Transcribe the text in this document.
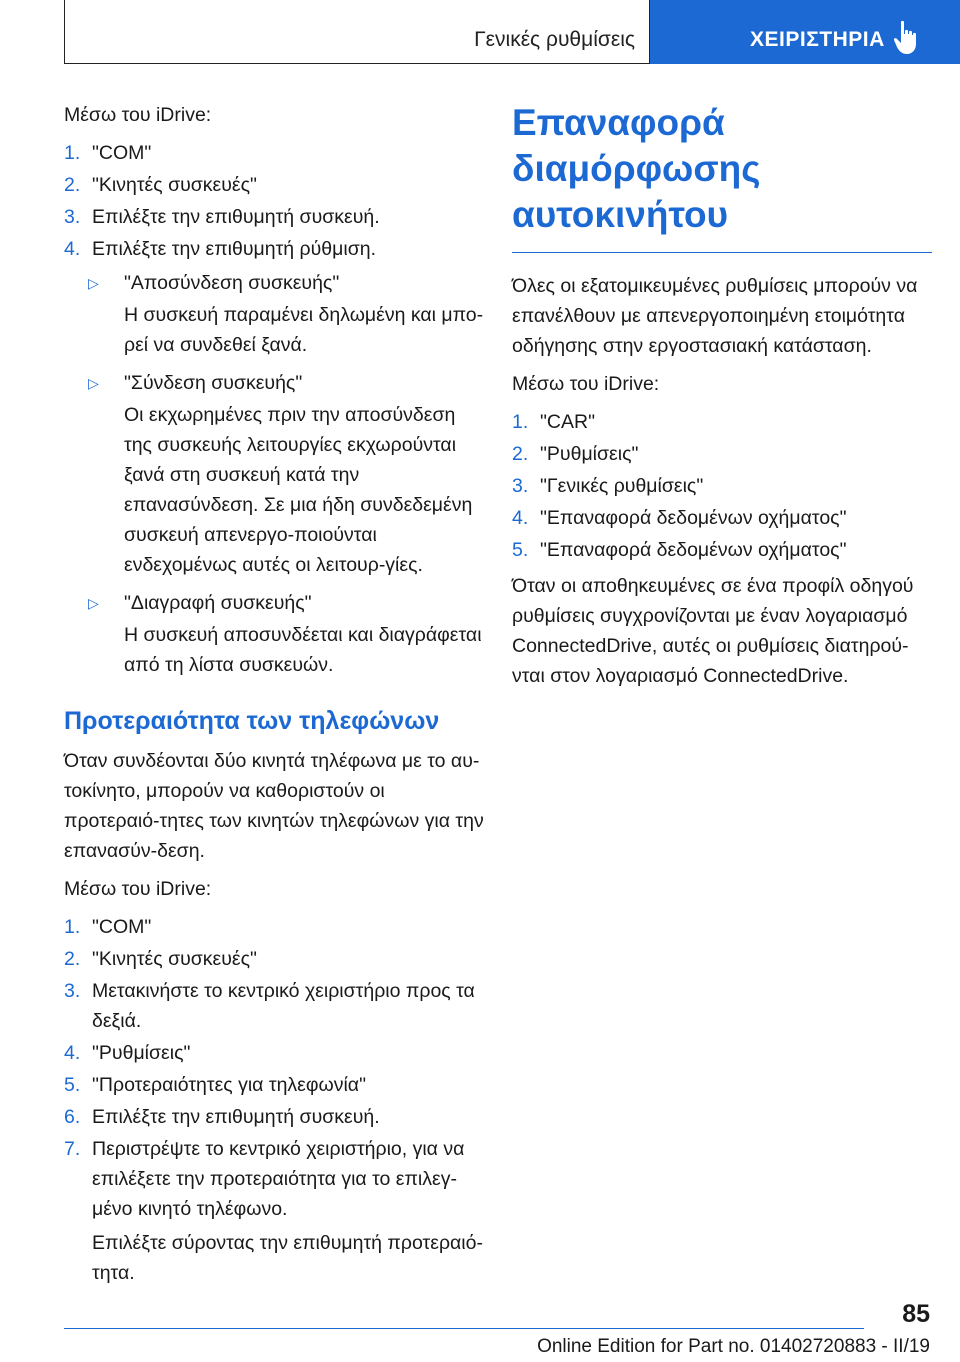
Γενικές ρυθμίσεις	ΧΕΙΡΙΣΤΗΡΙΑ

Μέσω του iDrive:

1. "COM"
2. "Κινητές συσκευές"
3. Επιλέξτε την επιθυμητή συσκευή.
4. Επιλέξτε την επιθυμητή ρύθμιση.
▷	"Αποσύνδεση συσκευής"
Η συσκευή παραμένει δηλωμένη και μπο-ρεί να συνδεθεί ξανά.
▷	"Σύνδεση συσκευής"
Οι εκχωρημένες πριν την αποσύνδεση της συσκευής λειτουργίες εκχωρούνται ξανά στη συσκευή κατά την επανασύνδεση. Σε μια ήδη συνδεδεμένη συσκευή απενεργο-ποιούνται ενδεχομένως αυτές οι λειτουρ-γίες.
▷	"Διαγραφή συσκευής"
Η συσκευή αποσυνδέεται και διαγράφεται από τη λίστα συσκευών.
Προτεραιότητα των τηλεφώνων

Όταν συνδέονται δύο κινητά τηλέφωνα με το αυ-τοκίνητο, μπορούν να καθοριστούν οι προτεραιό-τητες των κινητών τηλεφώνων για την επανασύν-δεση.

Μέσω του iDrive:

1. "COM"
2. "Κινητές συσκευές"
3. Μετακινήστε το κεντρικό χειριστήριο προς τα δεξιά.
4. "Ρυθμίσεις"
5. "Προτεραιότητες για τηλεφωνία"
6. Επιλέξτε την επιθυμητή συσκευή.
7. Περιστρέψτε το κεντρικό χειριστήριο, για να επιλέξετε την προτεραιότητα για το επιλεγ-μένο κινητό τηλέφωνο.
Επιλέξτε σύροντας την επιθυμητή προτεραιό-τητα.
Επαναφορά διαμόρφωσης αυτοκινήτου

Όλες οι εξατομικευμένες ρυθμίσεις μπορούν να επανέλθουν με απενεργοποιημένη ετοιμότητα οδήγησης στην εργοστασιακή κατάσταση.

Μέσω του iDrive:

1. "CAR"
2. "Ρυθμίσεις"
3. "Γενικές ρυθμίσεις"
4. "Επαναφορά δεδομένων οχήματος"
5. "Επαναφορά δεδομένων οχήματος"

Όταν οι αποθηκευμένες σε ένα προφίλ οδηγού ρυθμίσεις συγχρονίζονται με έναν λογαριασμό ConnectedDrive, αυτές οι ρυθμίσεις διατηρού-νται στον λογαριασμό ConnectedDrive.

85
Online Edition for Part no. 01402720883 - II/19
